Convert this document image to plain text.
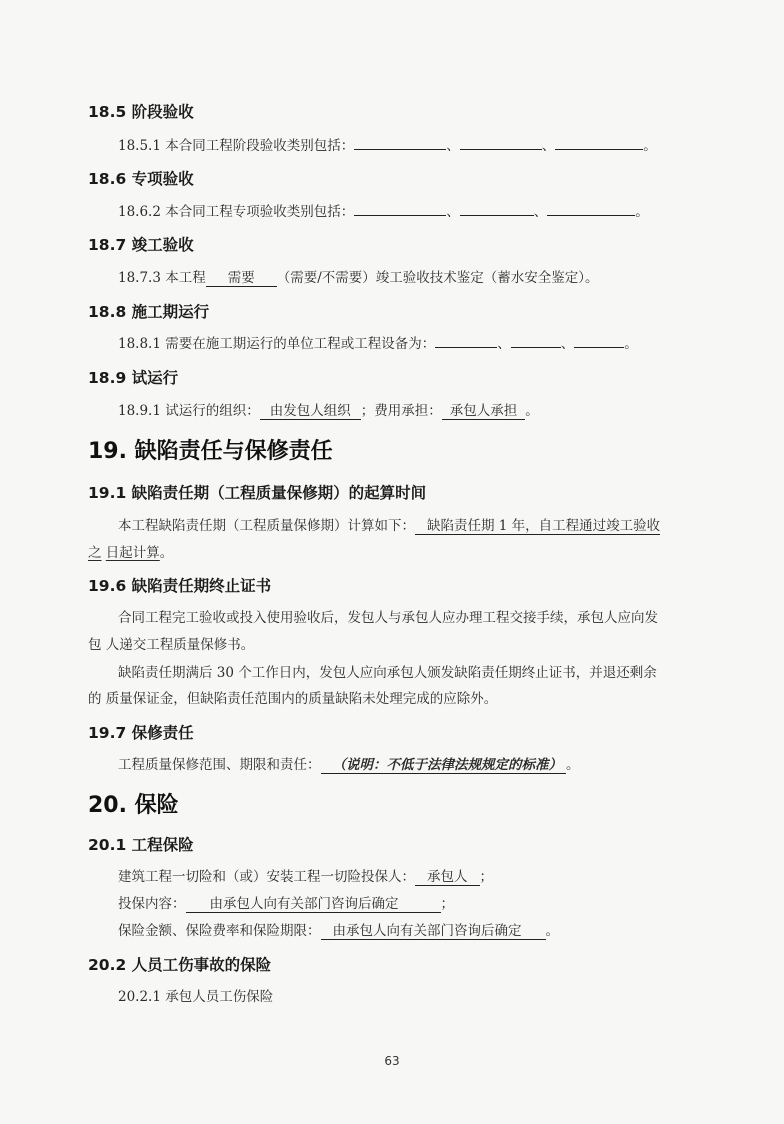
18.5 阶段验收
18.5.1 本合同工程阶段验收类别包括：	、	、	。
18.6 专项验收
18.6.2 本合同工程专项验收类别包括：	、	、	。
18.7 竣工验收
18.7.3 本工程 需要 （需要/不需要）竣工验收技术鉴定（蓄水安全鉴定）。
18.8 施工期运行
18.8.1 需要在施工期运行的单位工程或工程设备为：	、	、	。
18.9 试运行
18.9.1 试运行的组织： 由发包人组织 ；费用承担： 承包人承担 。
19. 缺陷责任与保修责任
19.1 缺陷责任期（工程质量保修期）的起算时间
本工程缺陷责任期（工程质量保修期）计算如下： 缺陷责任期 1 年，自工程通过竣工验收
之 日起计算。
19.6 缺陷责任期终止证书
合同工程完工验收或投入使用验收后，发包人与承包人应办理工程交接手续，承包人应向发
包 人递交工程质量保修书。
缺陷责任期满后 30 个工作日内，发包人应向承包人颁发缺陷责任期终止证书，并退还剩余
的 质量保证金，但缺陷责任范围内的质量缺陷未处理完成的应除外。
19.7 保修责任
工程质量保修范围、期限和责任： （说明：不低于法律法规规定的标准） 。
20. 保险
20.1 工程保险
建筑工程一切险和（或）安装工程一切险投保人： 承包人 ；
投保内容： 由承包人向有关部门咨询后确定	；
保险金额、保险费率和保险期限： 由承包人向有关部门咨询后确定 。
20.2 人员工伤事故的保险
20.2.1 承包人员工伤保险
63
